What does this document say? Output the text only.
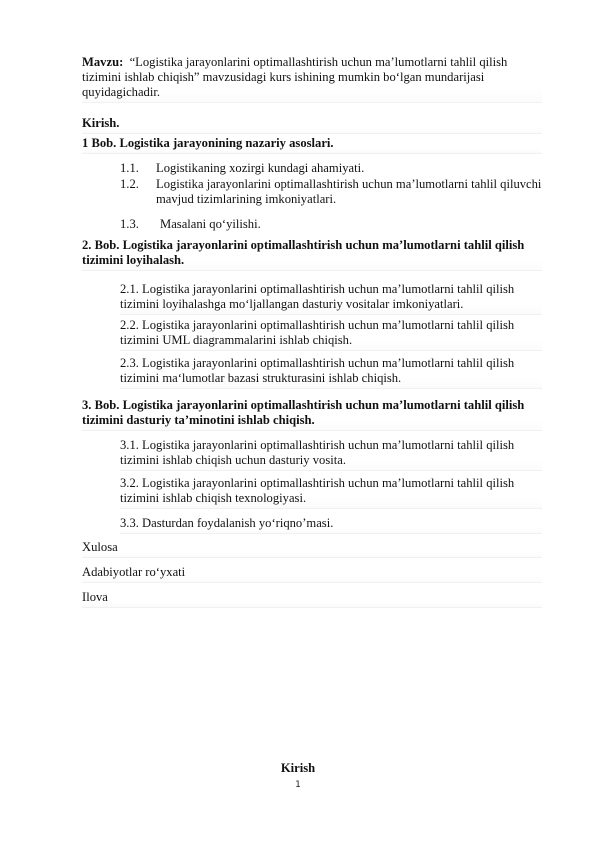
Mavzu: “Logistika jarayonlarini optimallashtirish uchun ma’lumotlarni tahlil qilish tizimini ishlab chiqish” mavzusidagi kurs ishining mumkin bo‘lgan mundarijasi quyidagichadir.
Kirish.
1 Bob. Logistika jarayonining nazariy asoslari.
1.1. Logistikaning xozirgi kundagi ahamiyati.
1.2. Logistika jarayonlarini optimallashtirish uchun ma’lumotlarni tahlil qiluvchi mavjud tizimlarining imkoniyatlari.
1.3. Masalani qo‘yilishi.
2. Bob. Logistika jarayonlarini optimallashtirish uchun ma’lumotlarni tahlil qilish tizimini loyihalash.
2.1. Logistika jarayonlarini optimallashtirish uchun ma’lumotlarni tahlil qilish tizimini loyihalashga mo‘ljallangan dasturiy vositalar imkoniyatlari.
2.2. Logistika jarayonlarini optimallashtirish uchun ma’lumotlarni tahlil qilish tizimini UML diagrammalarini ishlab chiqish.
2.3. Logistika jarayonlarini optimallashtirish uchun ma’lumotlarni tahlil qilish tizimini ma‘lumotlar bazasi strukturasini ishlab chiqish.
3. Bob. Logistika jarayonlarini optimallashtirish uchun ma’lumotlarni tahlil qilish tizimini dasturiy ta’minotini ishlab chiqish.
3.1. Logistika jarayonlarini optimallashtirish uchun ma’lumotlarni tahlil qilish tizimini ishlab chiqish uchun dasturiy vosita.
3.2. Logistika jarayonlarini optimallashtirish uchun ma’lumotlarni tahlil qilish tizimini ishlab chiqish texnologiyasi.
3.3. Dasturdan foydalanish yo‘riqno’masi.
Xulosa
Adabiyotlar ro‘yxati
Ilova
Kirish
1
